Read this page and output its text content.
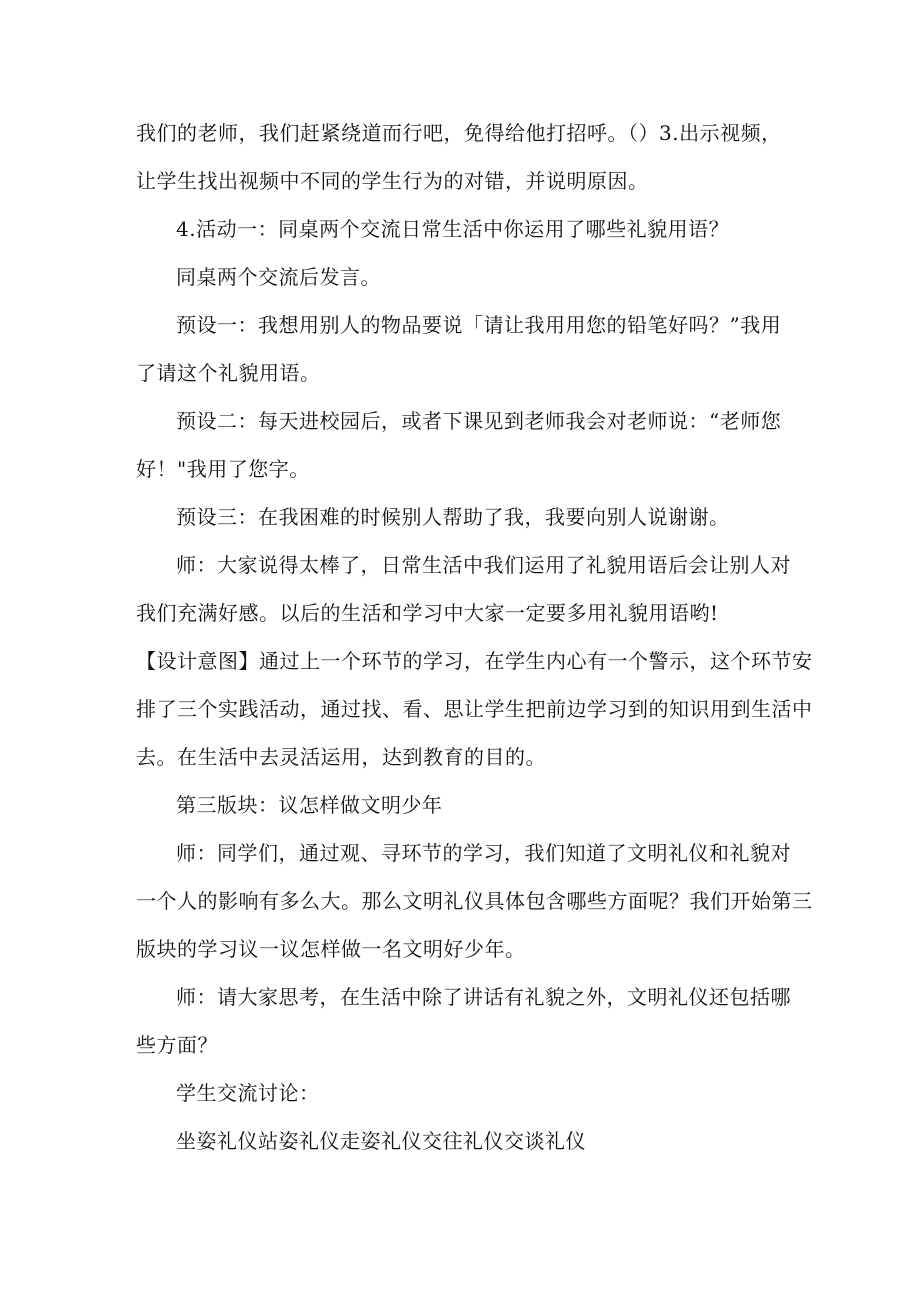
我们的老师，我们赶紧绕道而行吧，免得给他打招呼。（）3.出示视频，
让学生找出视频中不同的学生行为的对错，并说明原因。
4.活动一：同桌两个交流日常生活中你运用了哪些礼貌用语？
同桌两个交流后发言。
预设一：我想用别人的物品要说「请让我用用您的铅笔好吗？”我用
了请这个礼貌用语。
预设二：每天进校园后，或者下课见到老师我会对老师说：“老师您
好！"我用了您字。
预设三：在我困难的时候别人帮助了我，我要向别人说谢谢。
师：大家说得太棒了，日常生活中我们运用了礼貌用语后会让别人对
我们充满好感。以后的生活和学习中大家一定要多用礼貌用语哟!
【设计意图】通过上一个环节的学习，在学生内心有一个警示，这个环节安
排了三个实践活动，通过找、看、思让学生把前边学习到的知识用到生活中
去。在生活中去灵活运用，达到教育的目的。
第三版块：议怎样做文明少年
师：同学们，通过观、寻环节的学习，我们知道了文明礼仪和礼貌对
一个人的影响有多么大。那么文明礼仪具体包含哪些方面呢？我们开始第三
版块的学习议一议怎样做一名文明好少年。
师：请大家思考，在生活中除了讲话有礼貌之外，文明礼仪还包括哪
些方面？
学生交流讨论：
坐姿礼仪站姿礼仪走姿礼仪交往礼仪交谈礼仪
